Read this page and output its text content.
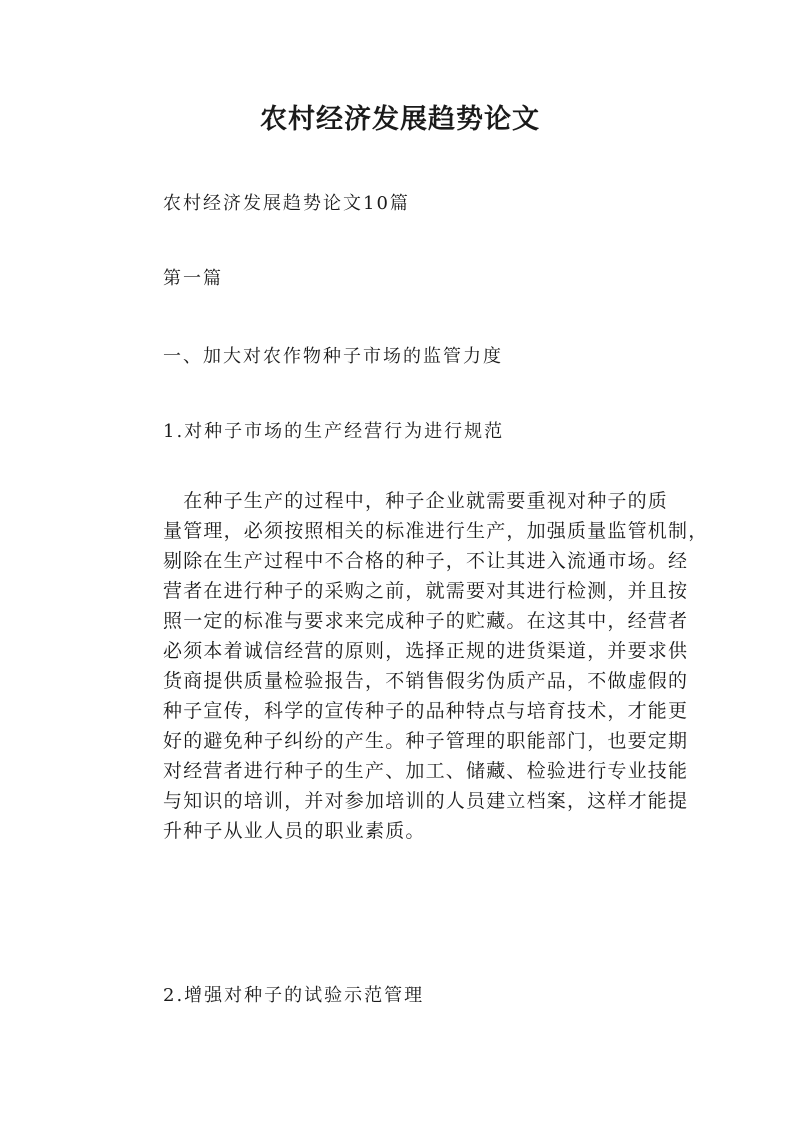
农村经济发展趋势论文
农村经济发展趋势论文10篇
第一篇
一、加大对农作物种子市场的监管力度
1.对种子市场的生产经营行为进行规范
　在种子生产的过程中，种子企业就需要重视对种子的质
量管理，必须按照相关的标准进行生产，加强质量监管机制，
剔除在生产过程中不合格的种子，不让其进入流通市场。经
营者在进行种子的采购之前，就需要对其进行检测，并且按
照一定的标准与要求来完成种子的贮藏。在这其中，经营者
必须本着诚信经营的原则，选择正规的进货渠道，并要求供
货商提供质量检验报告，不销售假劣伪质产品，不做虚假的
种子宣传，科学的宣传种子的品种特点与培育技术，才能更
好的避免种子纠纷的产生。种子管理的职能部门，也要定期
对经营者进行种子的生产、加工、储藏、检验进行专业技能
与知识的培训，并对参加培训的人员建立档案，这样才能提
升种子从业人员的职业素质。
2.增强对种子的试验示范管理
